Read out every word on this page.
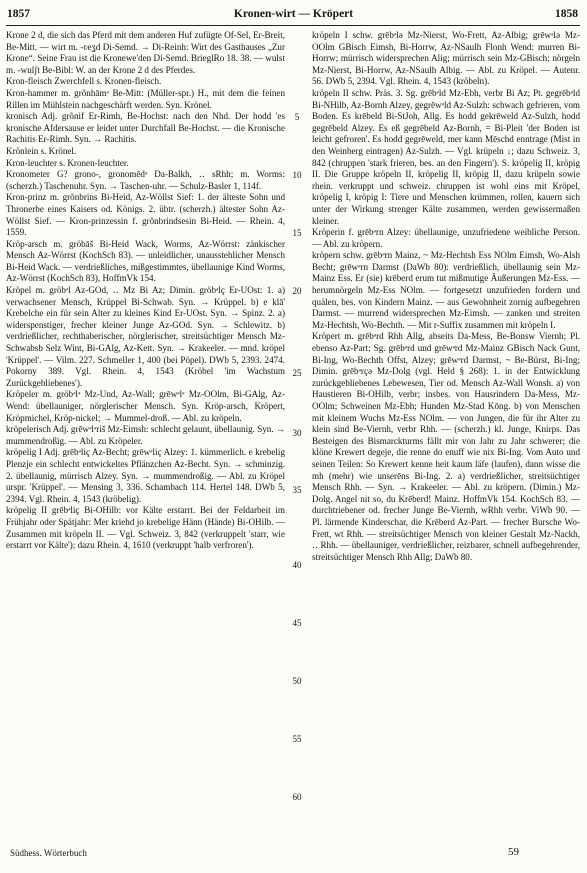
1857	Kronen-wirt — Kröpert	1858

Krone 2 d, die sich das Pferd mit dem anderen Huf zufügte Of-Sel, Er-Breit, Be-Mitt. — wirt m. ‑ʋeʓd Di-Semd. → Di-Reinh: Wirt des Gasthauses „Zur Krone“. Seine Frau ist die Kronewe'den Di-Semd. BrieglRo 18. 38. — wulst m. ‑wulʃt Be-Bibl: W. an der Krone 2 d des Pferdes.

Kron-fleisch Zwerchfell s. Kronen-fleisch.

Kron-hammer m. grõnhāmᵊ Be-Mitt: (Müller-spr.) H., mit dem die feinen Rillen im Mühlstein nachgeschärft werden. Syn. Krönel.

kronisch Adj. grõnif Er-Rimh, Be-Hochst: nach den Nhd. Der hodd 'es kronische Afdersause er leidet unter Durchfall Be-Hochst. — die Kronische Rachitis Er-Rimh. Syn. → Rachitis.

Krönlein s. Krönel.

Kron-leuchter s. Kronen-leuchter.

Kronometer G? grono-, gronomēdᵊ Da-Balkh, ‥ sRhh; m. Worms: (scherzh.) Taschenuhr. Syn. → Taschen-uhr. — Schulz-Basler 1, 114f.

Kron-prinz m. grõnbrins Bi-Heid, Az-Wöllst Sief: 1. der älteste Sohn und Thronerbe eines Kaisers od. Königs. 2. übtr. (scherzh.) ältester Sohn Az-Wöllst Sief. — Kron-prinzessin f. grõnbrindsesin Bi-Heid. — Rhein. 4, 1559.

Kröp-arsch m. gröbāš Bi-Heid Wack, Worms, Az-Wörrst: zänkischer Mensch Az-Wörrst (KochSch 83). — unleidlicher, unausstehlicher Mensch Bi-Heid Wack. — verdrießliches, mißgestimmtes, übellaunige Kind Worms, Az-Wörrst (KochSch 83), HoffmVk 154.

Kröpel m. gröbᵊl Az-GOd, ‥ Mz Bi Az; Dimin. gröbᵊlç Er-UOst: 1. a) verwachsener Mensch, Krüppel Bi-Schwab. Syn. → Krüppel. b) e klā' Krebelche ein für sein Alter zu kleines Kind Er-UOst. Syn. → Spinz. 2. a) widerspenstiger, frecher kleiner Junge Az-GOd. Syn. → Schlewitz. b) verdrießlicher, rechthaberischer, nörglerischer, streitsüchtiger Mensch Mz-Schwabsb Selz Wint, Bi-GAlg, Az-Kett. Syn. → Krakeeler. — mnd. kröpel 'Krüppel'. — Vilm. 227. Schmeller 1, 400 (bei Pöpel). DWb 5, 2393. 2474. Pokorny 389. Vgl. Rhein. 4, 1543 (Kröbel 'im Wachstum Zurückgebliebenes').

Kröpeler m. gröbᵊlᵊ Mz-Und, Az-Wall; grēwᵊlᵊ Mz-OOlm, Bi-GAlg, Az-Wend: übellauniger, nörglerischer Mensch. Syn. Kröp-arsch, Kröpert, Kröpmichel, Kröp-nickel; → Mummel-droß. — Abl. zu kröpeln.

kröpelerisch Adj. grēwᵊlᵊriš Mz-Eimsh: schlecht gelaunt, übellaunig. Syn. → mummendroßig. — Abl. zu Kröpeler.

kröpelig I Adj. grēbᵊliç Az-Becht; grēwᵊliç Alzey: 1. kümmerlich. e krebelig Plenzje ein schlecht entwickeltes Pflänzchen Az-Becht. Syn. → schminzig. 2. übellaunig, mürrisch Alzey. Syn. → mummendroßig. — Abl. zu Kröpel urspr. 'Krüppel'. — Mensing 3, 336. Schambach 114. Hertel 148. DWb 5, 2394. Vgl. Rhein. 4, 1543 (kröbelig).

kröpelig II grēbᵊliç Bi-OHilb: vor Kälte erstarrt. Bei der Feldarbeit im Frühjahr oder Spätjahr: Mer kriehd jo krebelige Hänn (Hände) Bi-OHilb. — Zusammen mit kröpeln II. — Vgl. Schweiz. 3, 842 (verkruppelt 'starr, wie erstarrt vor Kälte'); dazu Rhein. 4, 1610 (verkruppt 'halb verfroren').

5
10
15
20
25
30
35
40
45
50
55
60

kröpeln I schw. grēbᵊlə Mz-Nierst, Wo-Frett, Az-Albig; grēwᵊlə Mz-OOlm GBisch Eimsh, Bi-Horrw, Az-NSaulh Flonh Wend: murren Bi-Horrw; mürrisch widersprechen Alig; mürrisch sein Mz-GBisch; nörgeln Mz-Nierst, Bi-Horrw, Az-NSaulh Albig. — Abl. zu Kröpel. — Autenr. 56. DWb 5, 2394. Vgl. Rhein. 4, 1543 (kröbeln).

kröpeln II schw. Präs. 3. Sg. grēbᵊld Mz-Ebh, verbr Bi Az; Pt. gegrēbᵊld Bi-NHilb, Az-Bornh Alzey, gegrēwᵊld Az-Sulzh: schwach gefrieren, vom Boden. Es krēbeld Bi-StJoh, Allg. Es hodd gekrēweld Az-Sulzh, hodd gegrēbeld Alzey. Es eß gegrēbeld Az-Bornh, = Bi-Pleit 'der Boden ist leicht gefroren'. Es hodd gegrēweld, mer kann Mēschd enntrage (Mist in den Weinberg eintragen) Az-Sulzh. — Vgl. krüpeln ↓; dazu Schweiz. 3, 842 (chruppen 'stark frieren, bes. an den Fingern'). S. kröpelig II, kröpig II. Die Gruppe kröpeln II, kröpelig II, kröpig II, dazu krüpeln sowie rhein. verkruppt und schweiz. chruppen ist wohl eins mit Kröpel, kröpelig I, kröpig I: Tiere und Menschen krümmen, rollen, kauern sich unter der Wirkung strenger Kälte zusammen, werden gewissermaßen kleiner.

Kröperin f. grēbᵊrn Alzey: übellaunige, unzufriedene weibliche Person. — Abl. zu kröpern.

kröpern schw. grēbᵊrn Mainz, ~ Mz-Hechtsh Ess NOlm Eimsh, Wo-Alsh Becht; grēwᵊrn Darmst (DaWb 80): verdrießlich, übellaunig sein Mz-Mainz Ess. Er (sie) krēberd erum tut mißmutige Äußerungen Mz-Ess. — herumnörgeln Mz-Ess NOlm. — fortgesetzt unzufrieden fordern und quälen, bes. von Kindern Mainz. — aus Gewohnheit zornig aufbegehren Darmst. — murrend widersprechen Mz-Eimsh. — zanken und streiten Mz-Hechtsh, Wo-Bechth. — Mit r-Suffix zusammen mit kröpeln I.

Kröpert m. grēbᵊrd Rhh Allg, abseits Da-Mess, Be-Bonsw Viernh; Pl. ebenso Az-Part; Sg. grēbᵊrd und grēwᵊrd Mz-Mainz GBisch Nack Gunt, Bi-Ing, Wo-Bechth Offst, Alzey; grēwᵊrd Darmst, ~ Be-Bürst, Bi-Ing; Dimin. grēbᵊrçə Mz-Dolg (vgl. Held § 268): 1. in der Entwicklung zurückgebliebenes Lebewesen, Tier od. Mensch Az-Wall Wonsh. a) von Haustieren Bi-OHilb, verbr; insbes. von Hausrindern Da-Mess, Mz-OOlm; Schweinen Mz-Ebh; Hunden Mz-Stad Kōng. b) von Menschen mit kleinem Wuchs Mz-Ess NOlm. — von Jungen, die für ihr Alter zu klein sind Be-Viernh, verbr Rhh. — (scherzh.) kl. Junge, Knirps. Das Besteigen des Bismarckturms fällt mir von Jahr zu Jahr schwerer; die klöne Krewert degeje, die renne do enuff wie nix Bi-Ing. Vom Auto und seinen Teilen: So Krewert kenne heit kaum läfe (laufen), dann wisse die mh (mehr) wie unserēns Bi-Ing. 2. a) verdrießlicher, streitsüchtiger Mensch Rhh. — Syn. → Krakeeler. — Abl. zu kröpern. (Dimin.) Mz-Dolg. Angel nit so, du Krēberd! Mainz. HoffmVk 154. KochSch 83. — durchtriebener od. frecher Junge Be-Viernh, wRhh verbr. ViWb 90. — Pl. lärmende Kinderschar, die Krēberd Az-Part. — frecher Bursche Wo-Frett, wt Rhh. — streitsüchtiger Mensch von kleiner Gestalt Mz-Nackh, ‥ Rhh. — übellauniger, verdrießlicher, reizbarer, schnell aufbegehrender, streitsüchtiger Mensch Rhh Allg; DaWb 80.

Südhess. Wörterbuch	59
